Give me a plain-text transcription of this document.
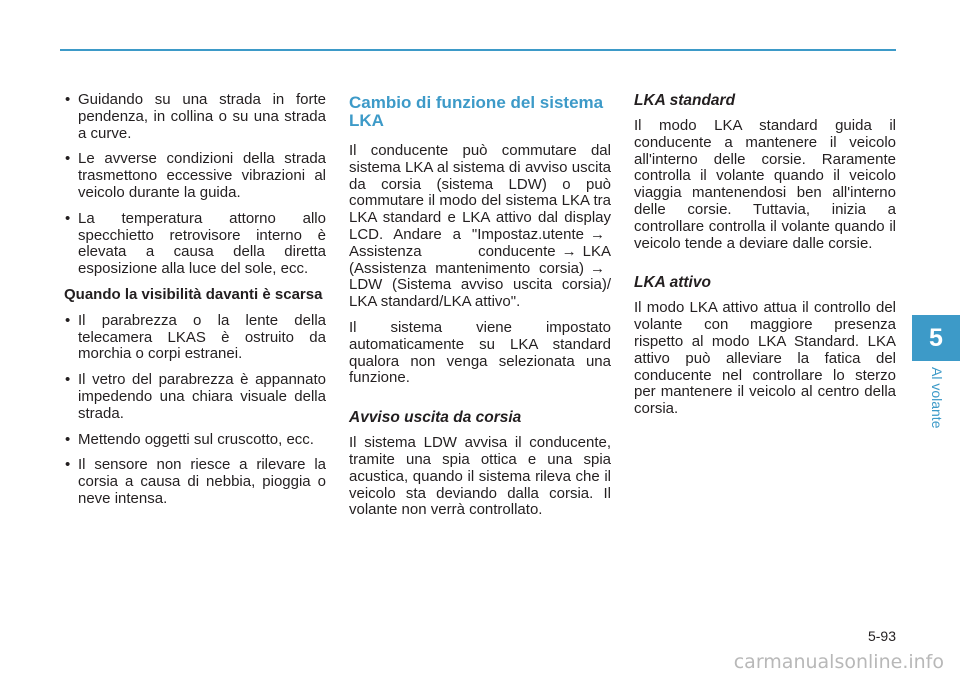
• Guidando su una strada in forte pendenza, in collina o su una strada a curve.
• Le avverse condizioni della strada trasmettono eccessive vibrazioni al veicolo durante la guida.
• La temperatura attorno allo specchietto retrovisore interno è elevata a causa della diretta esposizione alla luce del sole, ecc.

Quando la visibilità davanti è scarsa

• Il parabrezza o la lente della telecamera LKAS è ostruito da morchia o corpi estranei.
• Il vetro del parabrezza è appannato impedendo una chiara visuale della strada.
• Mettendo oggetti sul cruscotto, ecc.
• Il sensore non riesce a rilevare la corsia a causa di nebbia, pioggia o neve intensa.
Cambio di funzione del sistema LKA

Il conducente può commutare dal sistema LKA al sistema di avviso uscita da corsia (sistema LDW) o può commutare il modo del sistema LKA tra LKA standard e LKA attivo dal display LCD. Andare a "Impostaz.utente →Assistenza conducente → LKA (Assistenza mantenimento corsia) →LDW (Sistema avviso uscita corsia)/ LKA standard/LKA attivo".

Il sistema viene impostato automaticamente su LKA standard qualora non venga selezionata una funzione.

Avviso uscita da corsia

Il sistema LDW avvisa il conducente, tramite una spia ottica e una spia acustica, quando il sistema rileva che il veicolo sta deviando dalla corsia. Il volante non verrà controllato.

LKA standard

Il modo LKA standard guida il conducente a mantenere il veicolo all'interno delle corsie. Raramente controlla il volante quando il veicolo viaggia mantenendosi ben all'interno delle corsie. Tuttavia, inizia a controllare controlla il volante quando il veicolo tende a deviare dalle corsie.

LKA attivo

Il modo LKA attivo attua il controllo del volante con maggiore presenza rispetto al modo LKA Standard. LKA attivo può alleviare la fatica del conducente nel controllare lo sterzo per mantenere il veicolo al centro della corsia.

5
Al volante
5-93
carmanualsonline.info
